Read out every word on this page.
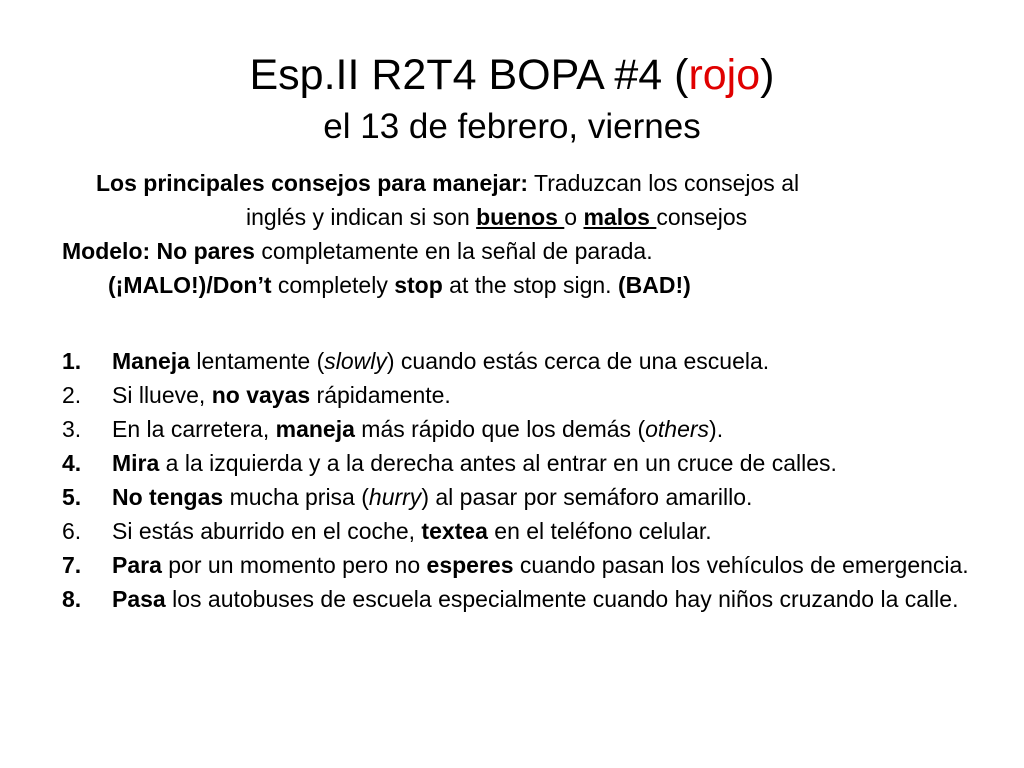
Esp.II R2T4 BOPA #4 (rojo)
el 13 de febrero, viernes
Los principales consejos para manejar: Traduzcan los consejos al
inglés y indican si son buenos o malos consejos
Modelo: No pares completamente en la señal de parada.
(¡MALO!)/Don’t completely stop at the stop sign. (BAD!)
1. Maneja lentamente (slowly) cuando estás cerca de una escuela.
2. Si llueve, no vayas rápidamente.
3. En la carretera, maneja más rápido que los demás (others).
4. Mira a la izquierda y a la derecha antes al entrar en un cruce de calles.
5. No tengas mucha prisa (hurry) al pasar por semáforo amarillo.
6. Si estás aburrido en el coche, textea en el teléfono celular.
7. Para por un momento pero no esperes cuando pasan los vehículos de emergencia.
8. Pasa los autobuses de escuela especialmente cuando hay niños cruzando la calle.
